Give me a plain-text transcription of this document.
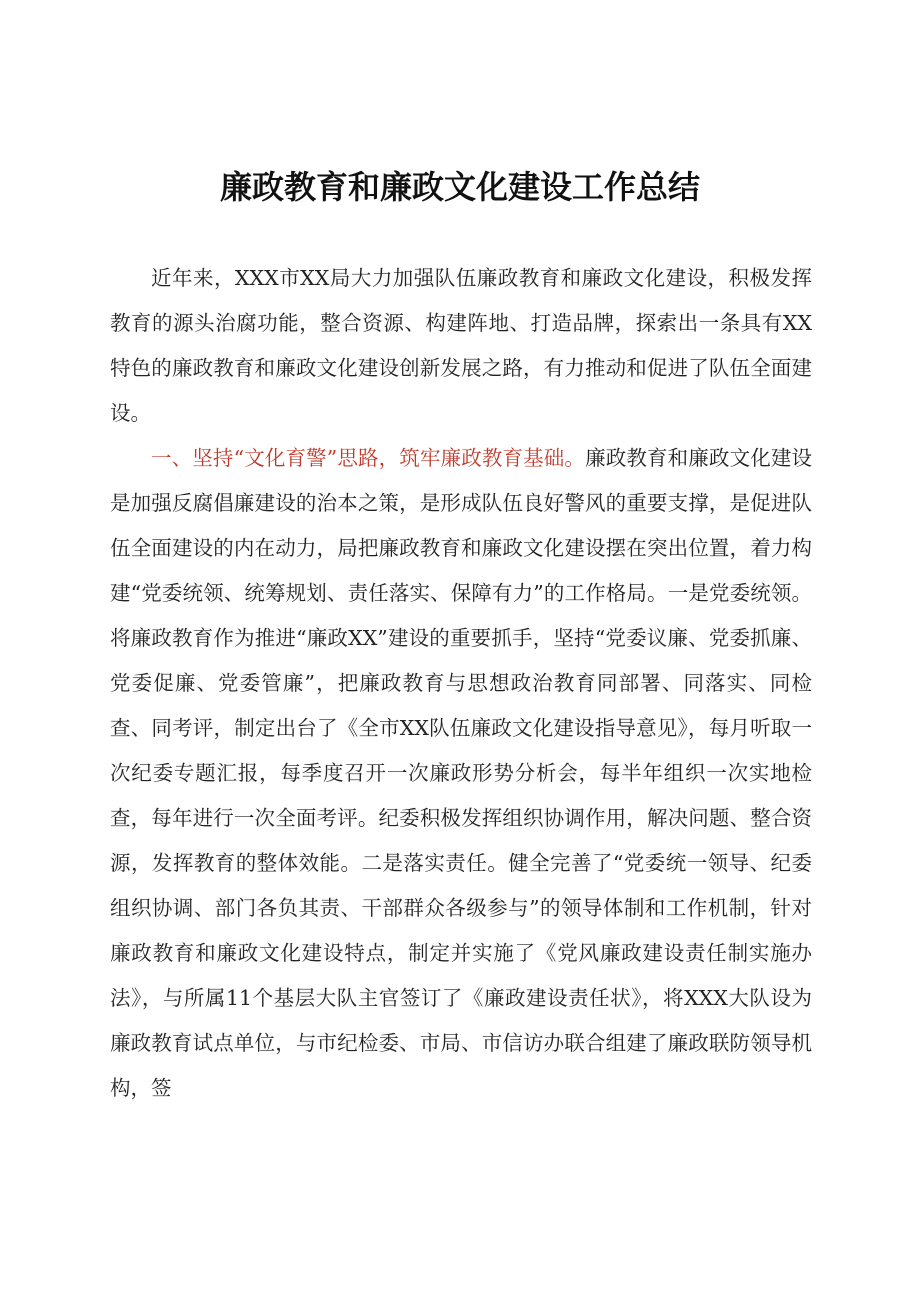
廉政教育和廉政文化建设工作总结

近年来，XXX市XX局大力加强队伍廉政教育和廉政文化建设，积极发挥教育的源头治腐功能，整合资源、构建阵地、打造品牌，探索出一条具有XX特色的廉政教育和廉政文化建设创新发展之路，有力推动和促进了队伍全面建设。

一、坚持“文化育警”思路，筑牢廉政教育基础。廉政教育和廉政文化建设是加强反腐倡廉建设的治本之策，是形成队伍良好警风的重要支撑，是促进队伍全面建设的内在动力，局把廉政教育和廉政文化建设摆在突出位置，着力构建“党委统领、统筹规划、责任落实、保障有力”的工作格局。一是党委统领。将廉政教育作为推进“廉政XX”建设的重要抓手，坚持“党委议廉、党委抓廉、党委促廉、党委管廉”，把廉政教育与思想政治教育同部署、同落实、同检查、同考评，制定出台了《全市XX队伍廉政文化建设指导意见》，每月听取一次纪委专题汇报，每季度召开一次廉政形势分析会，每半年组织一次实地检查，每年进行一次全面考评。纪委积极发挥组织协调作用，解决问题、整合资源，发挥教育的整体效能。二是落实责任。健全完善了“党委统一领导、纪委组织协调、部门各负其责、干部群众各级参与”的领导体制和工作机制，针对廉政教育和廉政文化建设特点，制定并实施了《党风廉政建设责任制实施办法》，与所属11个基层大队主官签订了《廉政建设责任状》，将XXX大队设为廉政教育试点单位，与市纪检委、市局、市信访办联合组建了廉政联防领导机构，签
